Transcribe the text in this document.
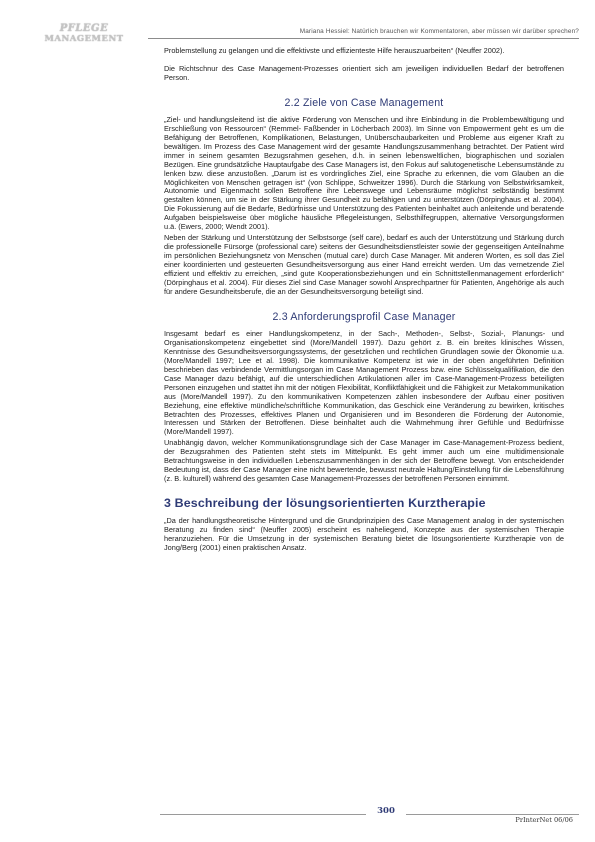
PFLEGE
MANAGEMENT
Mariana Hessiel: Natürlich brauchen wir Kommentatoren, aber müssen wir darüber sprechen?

Problemstellung zu gelangen und die effektivste und effizienteste Hilfe herauszuarbeiten“ (Neuffer 2002).

Die Richtschnur des Case Management-Prozesses orientiert sich am jeweiligen individuellen Bedarf der betroffenen Person.

2.2 Ziele von Case Management

„Ziel- und handlungsleitend ist die aktive Förderung von Menschen und ihre Einbindung in die Problembewältigung und Erschließung von Ressourcen“ (Remmel- Faßbender in Löcherbach 2003). Im Sinne von Empowerment geht es um die Befähigung der Betroffenen, Komplikationen, Belastungen, Unüberschaubarkeiten und Probleme aus eigener Kraft zu bewältigen. Im Prozess des Case Management wird der gesamte Handlungszusammenhang betrachtet. Der Patient wird immer in seinem gesamten Bezugsrahmen gesehen, d.h. in seinen lebensweltlichen, biographischen und sozialen Bezügen. Eine grundsätzliche Hauptaufgabe des Case Managers ist, den Fokus auf salutogenetische Lebensumstände zu lenken bzw. diese anzustoßen. „Darum ist es vordringliches Ziel, eine Sprache zu erkennen, die vom Glauben an die Möglichkeiten von Menschen getragen ist“ (von Schlippe, Schweitzer 1996). Durch die Stärkung von Selbstwirksamkeit, Autonomie und Eigenmacht sollen Betroffene ihre Lebenswege und Lebensräume möglichst selbständig bestimmt gestalten können, um sie in der Stärkung ihrer Gesundheit zu befähigen und zu unterstützen (Dörpinghaus et al. 2004). Die Fokussierung auf die Bedarfe, Bedürfnisse und Unterstützung des Patienten beinhaltet auch anleitende und beratende Aufgaben beispielsweise über mögliche häusliche Pflegeleistungen, Selbsthilfegruppen, alternative Versorgungsformen u.ä. (Ewers, 2000; Wendt 2001).

Neben der Stärkung und Unterstützung der Selbstsorge (self care), bedarf es auch der Unterstützung und Stärkung durch die professionelle Fürsorge (professional care) seitens der Gesundheitsdienstleister sowie der gegenseitigen Anteilnahme im persönlichen Beziehungsnetz von Menschen (mutual care) durch Case Manager. Mit anderen Worten, es soll das Ziel einer koordinierten und gesteuerten Gesundheitsversorgung aus einer Hand erreicht werden. Um das vernetzende Ziel effizient und effektiv zu erreichen, „sind gute Kooperationsbeziehungen und ein Schnittstellenmanagement erforderlich“ (Dörpinghaus et al. 2004). Für dieses Ziel sind Case Manager sowohl Ansprechpartner für Patienten, Angehörige als auch für andere Gesundheitsberufe, die an der Gesundheitsversorgung beteiligt sind.

2.3 Anforderungsprofil Case Manager

Insgesamt bedarf es einer Handlungskompetenz, in der Sach-, Methoden-, Selbst-, Sozial-, Planungs- und Organisationskompetenz eingebettet sind (More/Mandell 1997). Dazu gehört z. B. ein breites klinisches Wissen, Kenntnisse des Gesundheitsversorgungssystems, der gesetzlichen und rechtlichen Grundlagen sowie der Ökonomie u.a. (More/Mandell 1997; Lee et al. 1998). Die kommunikative Kompetenz ist wie in der oben angeführten Definition beschrieben das verbindende Vermittlungsorgan im Case Management Prozess bzw. eine Schlüsselqualifikation, die den Case Manager dazu befähigt, auf die unterschiedlichen Artikulationen aller im Case-Management-Prozess beteiligten Personen einzugehen und stattet ihn mit der nötigen Flexibilität, Konfliktfähigkeit und die Fähigkeit zur Metakommunikation aus (More/Mandell 1997). Zu den kommunikativen Kompetenzen zählen insbesondere der Aufbau einer positiven Beziehung, eine effektive mündliche/schriftliche Kommunikation, das Geschick eine Veränderung zu bewirken, kritisches Betrachten des Prozesses, effektives Planen und Organisieren und im Besonderen die Förderung der Autonomie, Interessen und Stärken der Betroffenen. Diese beinhaltet auch die Wahrnehmung ihrer Gefühle und Bedürfnisse (More/Mandell 1997).

Unabhängig davon, welcher Kommunikationsgrundlage sich der Case Manager im Case-Management-Prozess bedient, der Bezugsrahmen des Patienten steht stets im Mittelpunkt. Es geht immer auch um eine multidimensionale Betrachtungsweise in den individuellen Lebenszusammenhängen in der sich der Betroffene bewegt. Von entscheidender Bedeutung ist, dass der Case Manager eine nicht bewertende, bewusst neutrale Haltung/Einstellung für die Lebensführung (z. B. kulturell) während des gesamten Case Management-Prozesses der betroffenen Personen einnimmt.

3 Beschreibung der lösungsorientierten Kurztherapie

„Da der handlungstheoretische Hintergrund und die Grundprinzipien des Case Management analog in der systemischen Beratung zu finden sind“ (Neuffer 2005) erscheint es naheliegend, Konzepte aus der systemischen Therapie heranzuziehen. Für die Umsetzung in der systemischen Beratung bietet die lösungsorientierte Kurztherapie von de Jong/Berg (2001) einen praktischen Ansatz.

300
PrInterNet 06/06
